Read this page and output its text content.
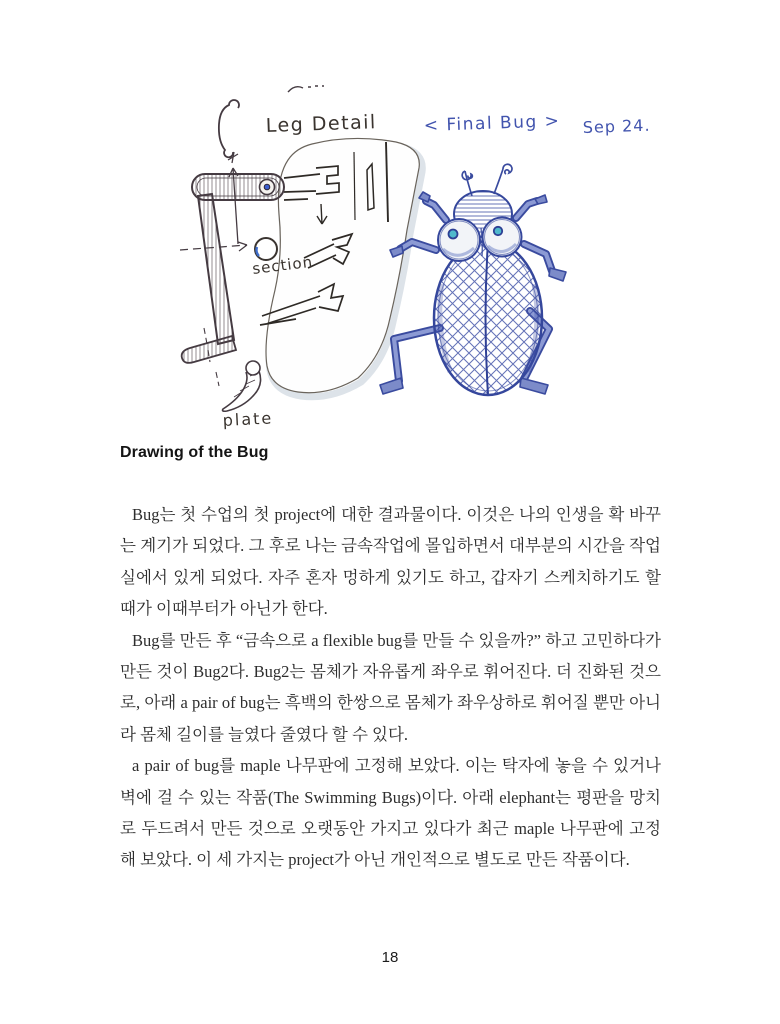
Leg Detail	< Final Bug > Sep 24.
section
plate
Drawing of the Bug

Bug는 첫 수업의 첫 project에 대한 결과물이다. 이것은 나의 인생을 확 바꾸는 계기가 되었다. 그 후로 나는 금속작업에 몰입하면서 대부분의 시간을 작업실에서 있게 되었다. 자주 혼자 멍하게 있기도 하고, 갑자기 스케치하기도 할 때가 이때부터가 아닌가 한다.

Bug를 만든 후 “금속으로 a flexible bug를 만들 수 있을까?” 하고 고민하다가 만든 것이 Bug2다. Bug2는 몸체가 자유롭게 좌우로 휘어진다. 더 진화된 것으로, 아래 a pair of bug는 흑백의 한쌍으로 몸체가 좌우상하로 휘어질 뿐만 아니라 몸체 길이를 늘였다 줄였다 할 수 있다.

a pair of bug를 maple 나무판에 고정해 보았다. 이는 탁자에 놓을 수 있거나 벽에 걸 수 있는 작품(The Swimming Bugs)이다. 아래 elephant는 평판을 망치로 두드려서 만든 것으로 오랫동안 가지고 있다가 최근 maple 나무판에 고정해 보았다. 이 세 가지는 project가 아닌 개인적으로 별도로 만든 작품이다.

18
